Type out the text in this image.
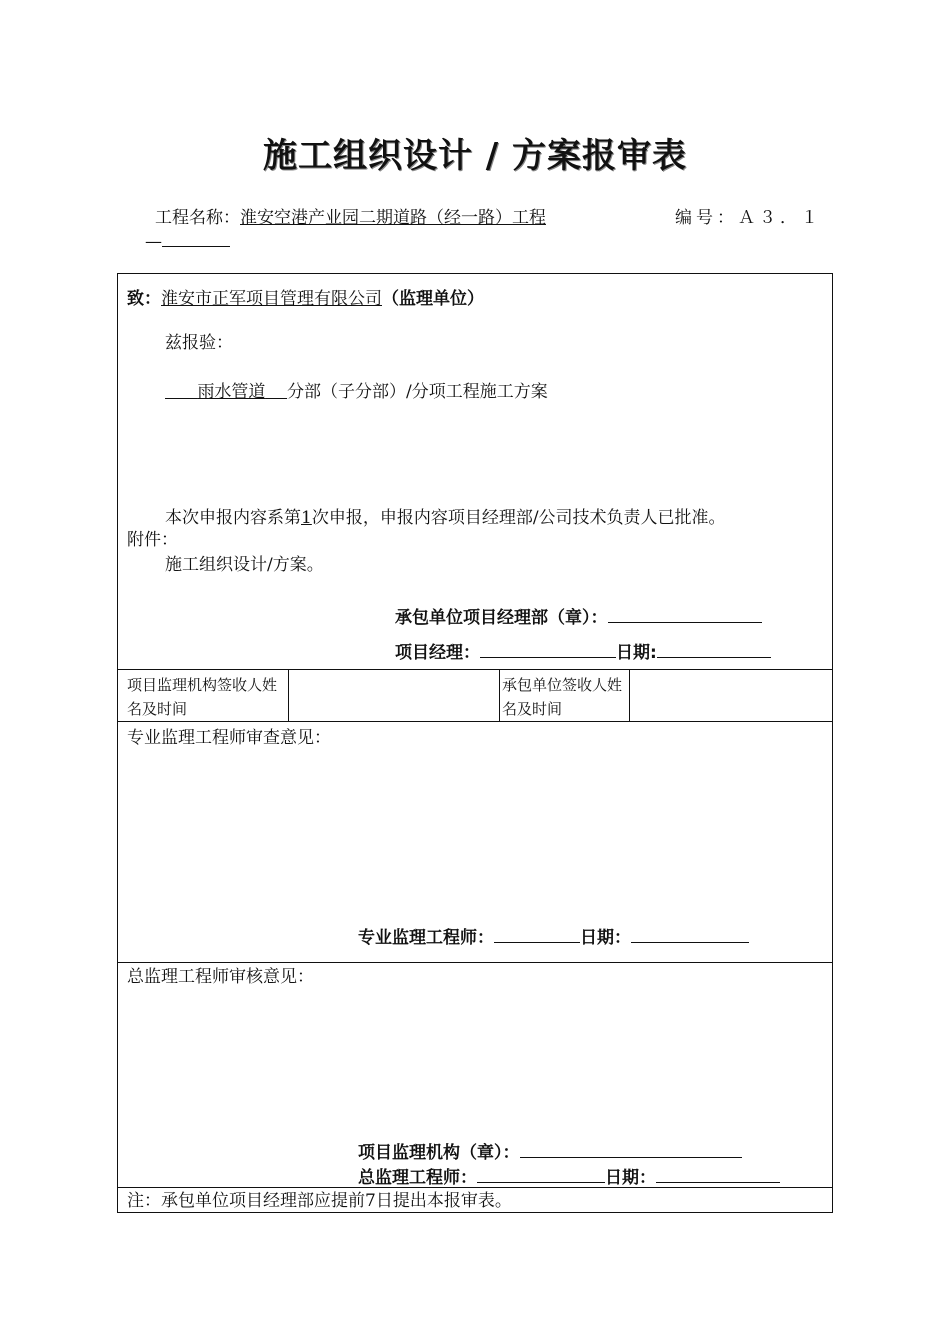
施工组织设计 / 方案报审表
工程名称：淮安空港产业园二期道路（经一路）工程	编号：Ａ３．１
—
致：淮安市正军项目管理有限公司（监理单位）
兹报验：
雨水管道 分部（子分部）/分项工程施工方案
本次申报内容系第1次申报，申报内容项目经理部/公司技术负责人已批准。
附件：
施工组织设计/方案。
承包单位项目经理部（章）：
项目经理：	日期:
项目监理机构签收人姓名及时间
承包单位签收人姓名及时间
专业监理工程师审查意见：
专业监理工程师：	日期：
总监理工程师审核意见：
项目监理机构（章）：
总监理工程师：	日期：
注：承包单位项目经理部应提前7日提出本报审表。
